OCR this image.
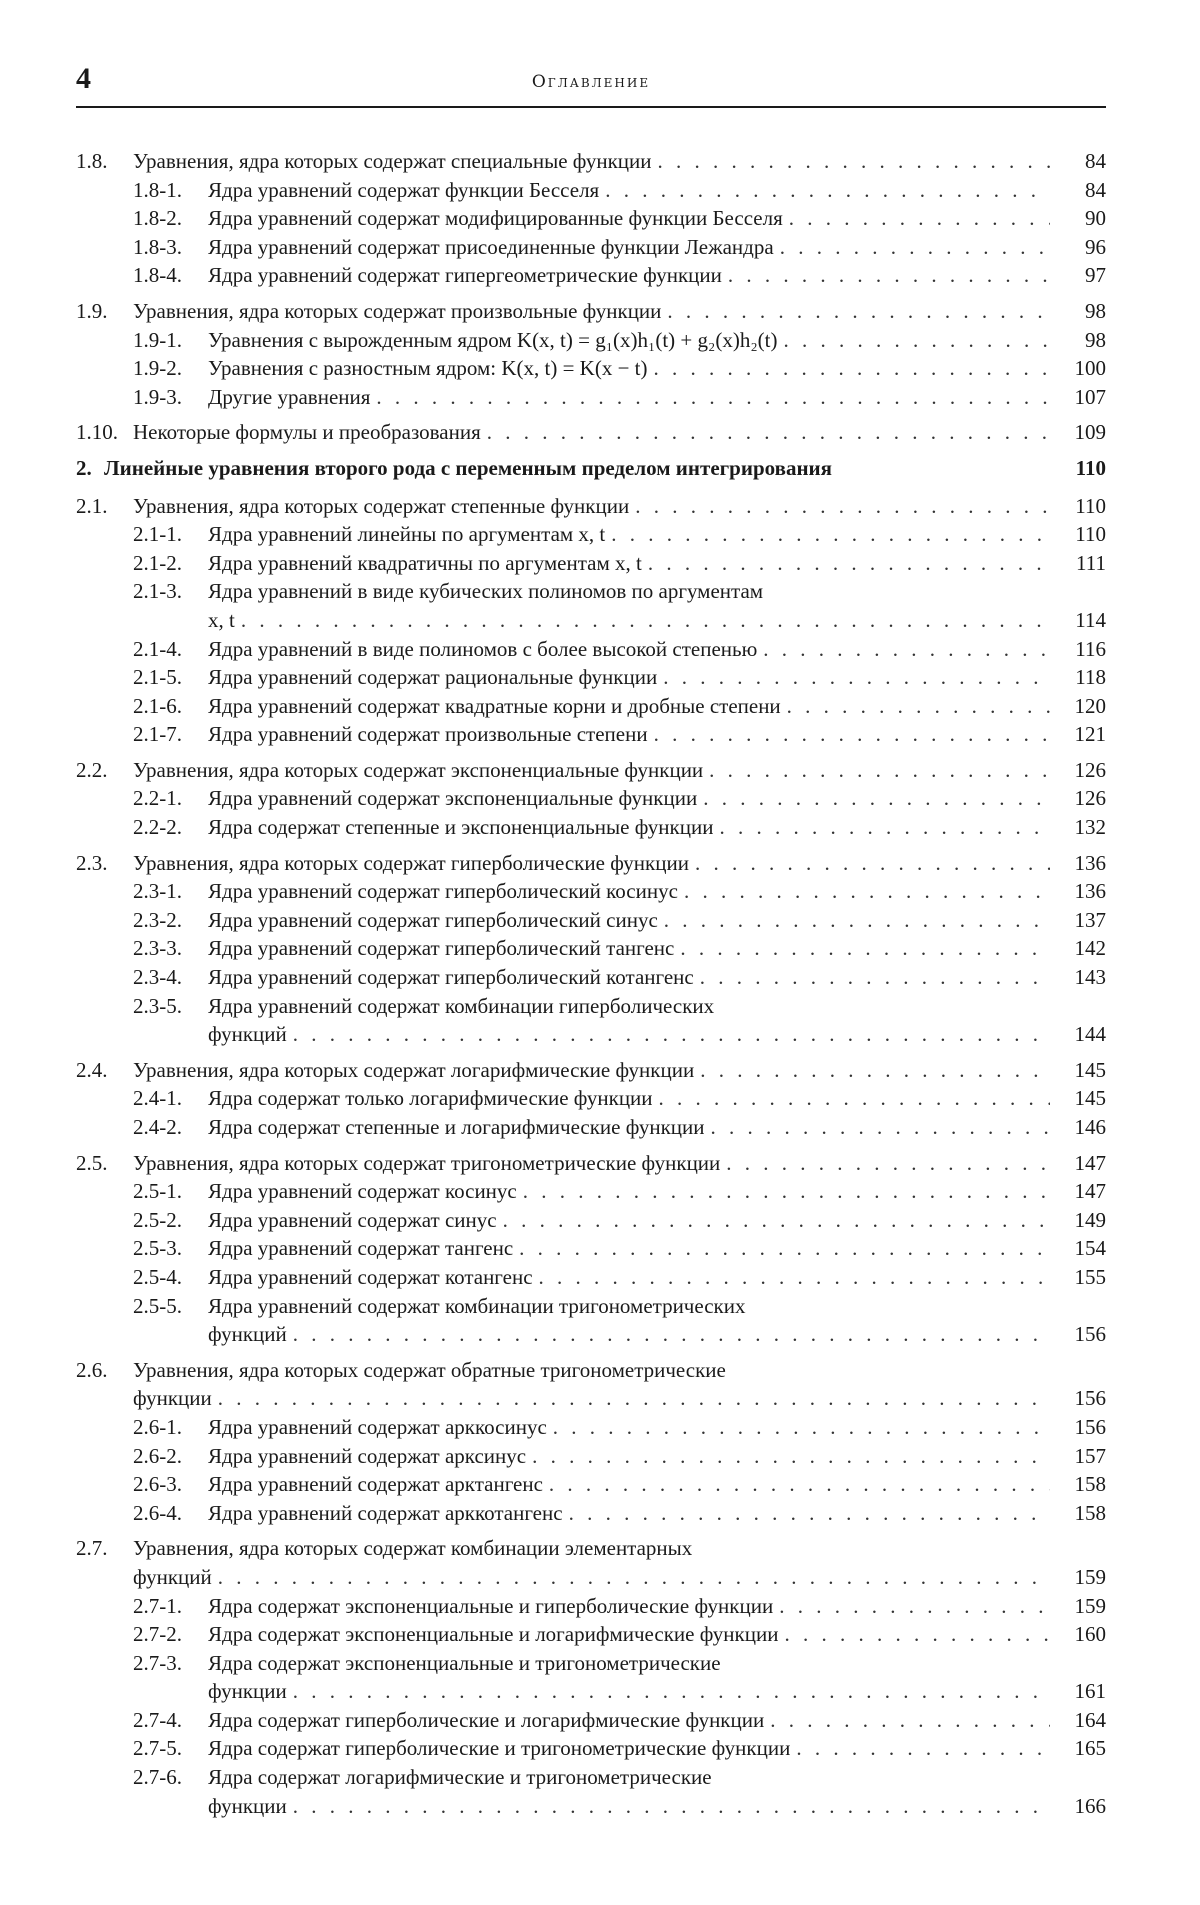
4	Оглавление
1.8.	Уравнения, ядра которых содержат специальные функции . . .	84
1.8-1.	Ядра уравнений содержат функции Бесселя . . .	84
1.8-2.	Ядра уравнений содержат модифицированные функции Бесселя . . .	90
1.8-3.	Ядра уравнений содержат присоединенные функции Лежандра . . .	96
1.8-4.	Ядра уравнений содержат гипергеометрические функции . . .	97
1.9.	Уравнения, ядра которых содержат произвольные функции . . .	98
1.9-1.	Уравнения с вырожденным ядром K(x, t) = g₁(x)h₁(t) + g₂(x)h₂(t) . . .	98
1.9-2.	Уравнения с разностным ядром: K(x, t) = K(x − t) . . .	100
1.9-3.	Другие уравнения . . .	107
1.10. Некоторые формулы и преобразования . . .	109
2. Линейные уравнения второго рода с переменным пределом интегрирования	110
2.1.	Уравнения, ядра которых содержат степенные функции . . .	110
2.1-1.	Ядра уравнений линейны по аргументам x, t . . .	110
2.1-2.	Ядра уравнений квадратичны по аргументам x, t . . .	111
2.1-3.	Ядра уравнений в виде кубических полиномов по аргументам
x, t . . .	114
2.1-4.	Ядра уравнений в виде полиномов с более высокой степенью . . .	116
2.1-5.	Ядра уравнений содержат рациональные функции . . .	118
2.1-6.	Ядра уравнений содержат квадратные корни и дробные степени . . .	120
2.1-7.	Ядра уравнений содержат произвольные степени . . .	121
2.2.	Уравнения, ядра которых содержат экспоненциальные функции . . .	126
2.2-1.	Ядра уравнений содержат экспоненциальные функции . . .	126
2.2-2.	Ядра содержат степенные и экспоненциальные функции . . .	132
2.3.	Уравнения, ядра которых содержат гиперболические функции . . .	136
2.3-1.	Ядра уравнений содержат гиперболический косинус . . .	136
2.3-2.	Ядра уравнений содержат гиперболический синус . . .	137
2.3-3.	Ядра уравнений содержат гиперболический тангенс . . .	142
2.3-4.	Ядра уравнений содержат гиперболический котангенс . . .	143
2.3-5.	Ядра уравнений содержат комбинации гиперболических
функций . . .	144
2.4.	Уравнения, ядра которых содержат логарифмические функции . . .	145
2.4-1.	Ядра содержат только логарифмические функции . . .	145
2.4-2.	Ядра содержат степенные и логарифмические функции . . .	146
2.5.	Уравнения, ядра которых содержат тригонометрические функции . . .	147
2.5-1.	Ядра уравнений содержат косинус . . .	147
2.5-2.	Ядра уравнений содержат синус . . .	149
2.5-3.	Ядра уравнений содержат тангенс . . .	154
2.5-4.	Ядра уравнений содержат котангенс . . .	155
2.5-5.	Ядра уравнений содержат комбинации тригонометрических
функций . . .	156
2.6.	Уравнения, ядра которых содержат обратные тригонометрические
функции . . .	156
2.6-1.	Ядра уравнений содержат арккосинус . . .	156
2.6-2.	Ядра уравнений содержат арксинус . . .	157
2.6-3.	Ядра уравнений содержат арктангенс . . .	158
2.6-4.	Ядра уравнений содержат арккотангенс . . .	158
2.7.	Уравнения, ядра которых содержат комбинации элементарных
функций . . .	159
2.7-1.	Ядра содержат экспоненциальные и гиперболические функции . . .	159
2.7-2.	Ядра содержат экспоненциальные и логарифмические функции . . .	160
2.7-3.	Ядра содержат экспоненциальные и тригонометрические
функции . . .	161
2.7-4.	Ядра содержат гиперболические и логарифмические функции . . .	164
2.7-5.	Ядра содержат гиперболические и тригонометрические функции . . .	165
2.7-6.	Ядра содержат логарифмические и тригонометрические
функции . . .	166
